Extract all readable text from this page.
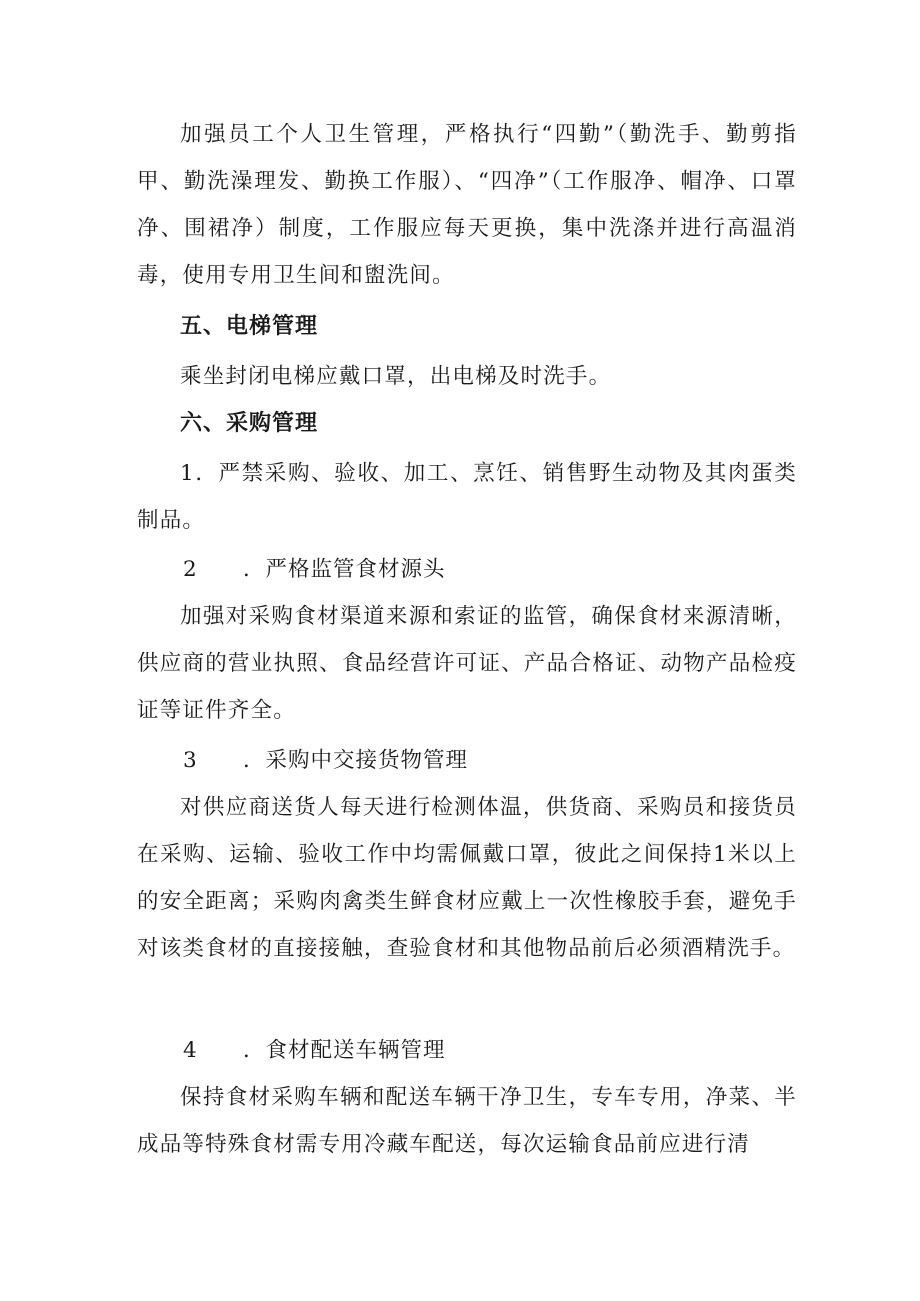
加强员工个人卫生管理，严格执行“四勤”（勤洗手、勤剪指甲、勤洗澡理发、勤换工作服）、“四净”（工作服净、帽净、口罩净、围裙净）制度，工作服应每天更换，集中洗涤并进行高温消毒，使用专用卫生间和盥洗间。
五、电梯管理
乘坐封闭电梯应戴口罩，出电梯及时洗手。
六、采购管理
1．严禁采购、验收、加工、烹饪、销售野生动物及其肉蛋类制品。
2 ．严格监管食材源头
加强对采购食材渠道来源和索证的监管，确保食材来源清晰，供应商的营业执照、食品经营许可证、产品合格证、动物产品检疫证等证件齐全。
3 ．采购中交接货物管理
对供应商送货人每天进行检测体温，供货商、采购员和接货员在采购、运输、验收工作中均需佩戴口罩，彼此之间保持1米以上的安全距离；采购肉禽类生鲜食材应戴上一次性橡胶手套，避免手对该类食材的直接接触，查验食材和其他物品前后必须酒精洗手。
4 ．食材配送车辆管理
保持食材采购车辆和配送车辆干净卫生，专车专用，净菜、半成品等特殊食材需专用冷藏车配送，每次运输食品前应进行清
